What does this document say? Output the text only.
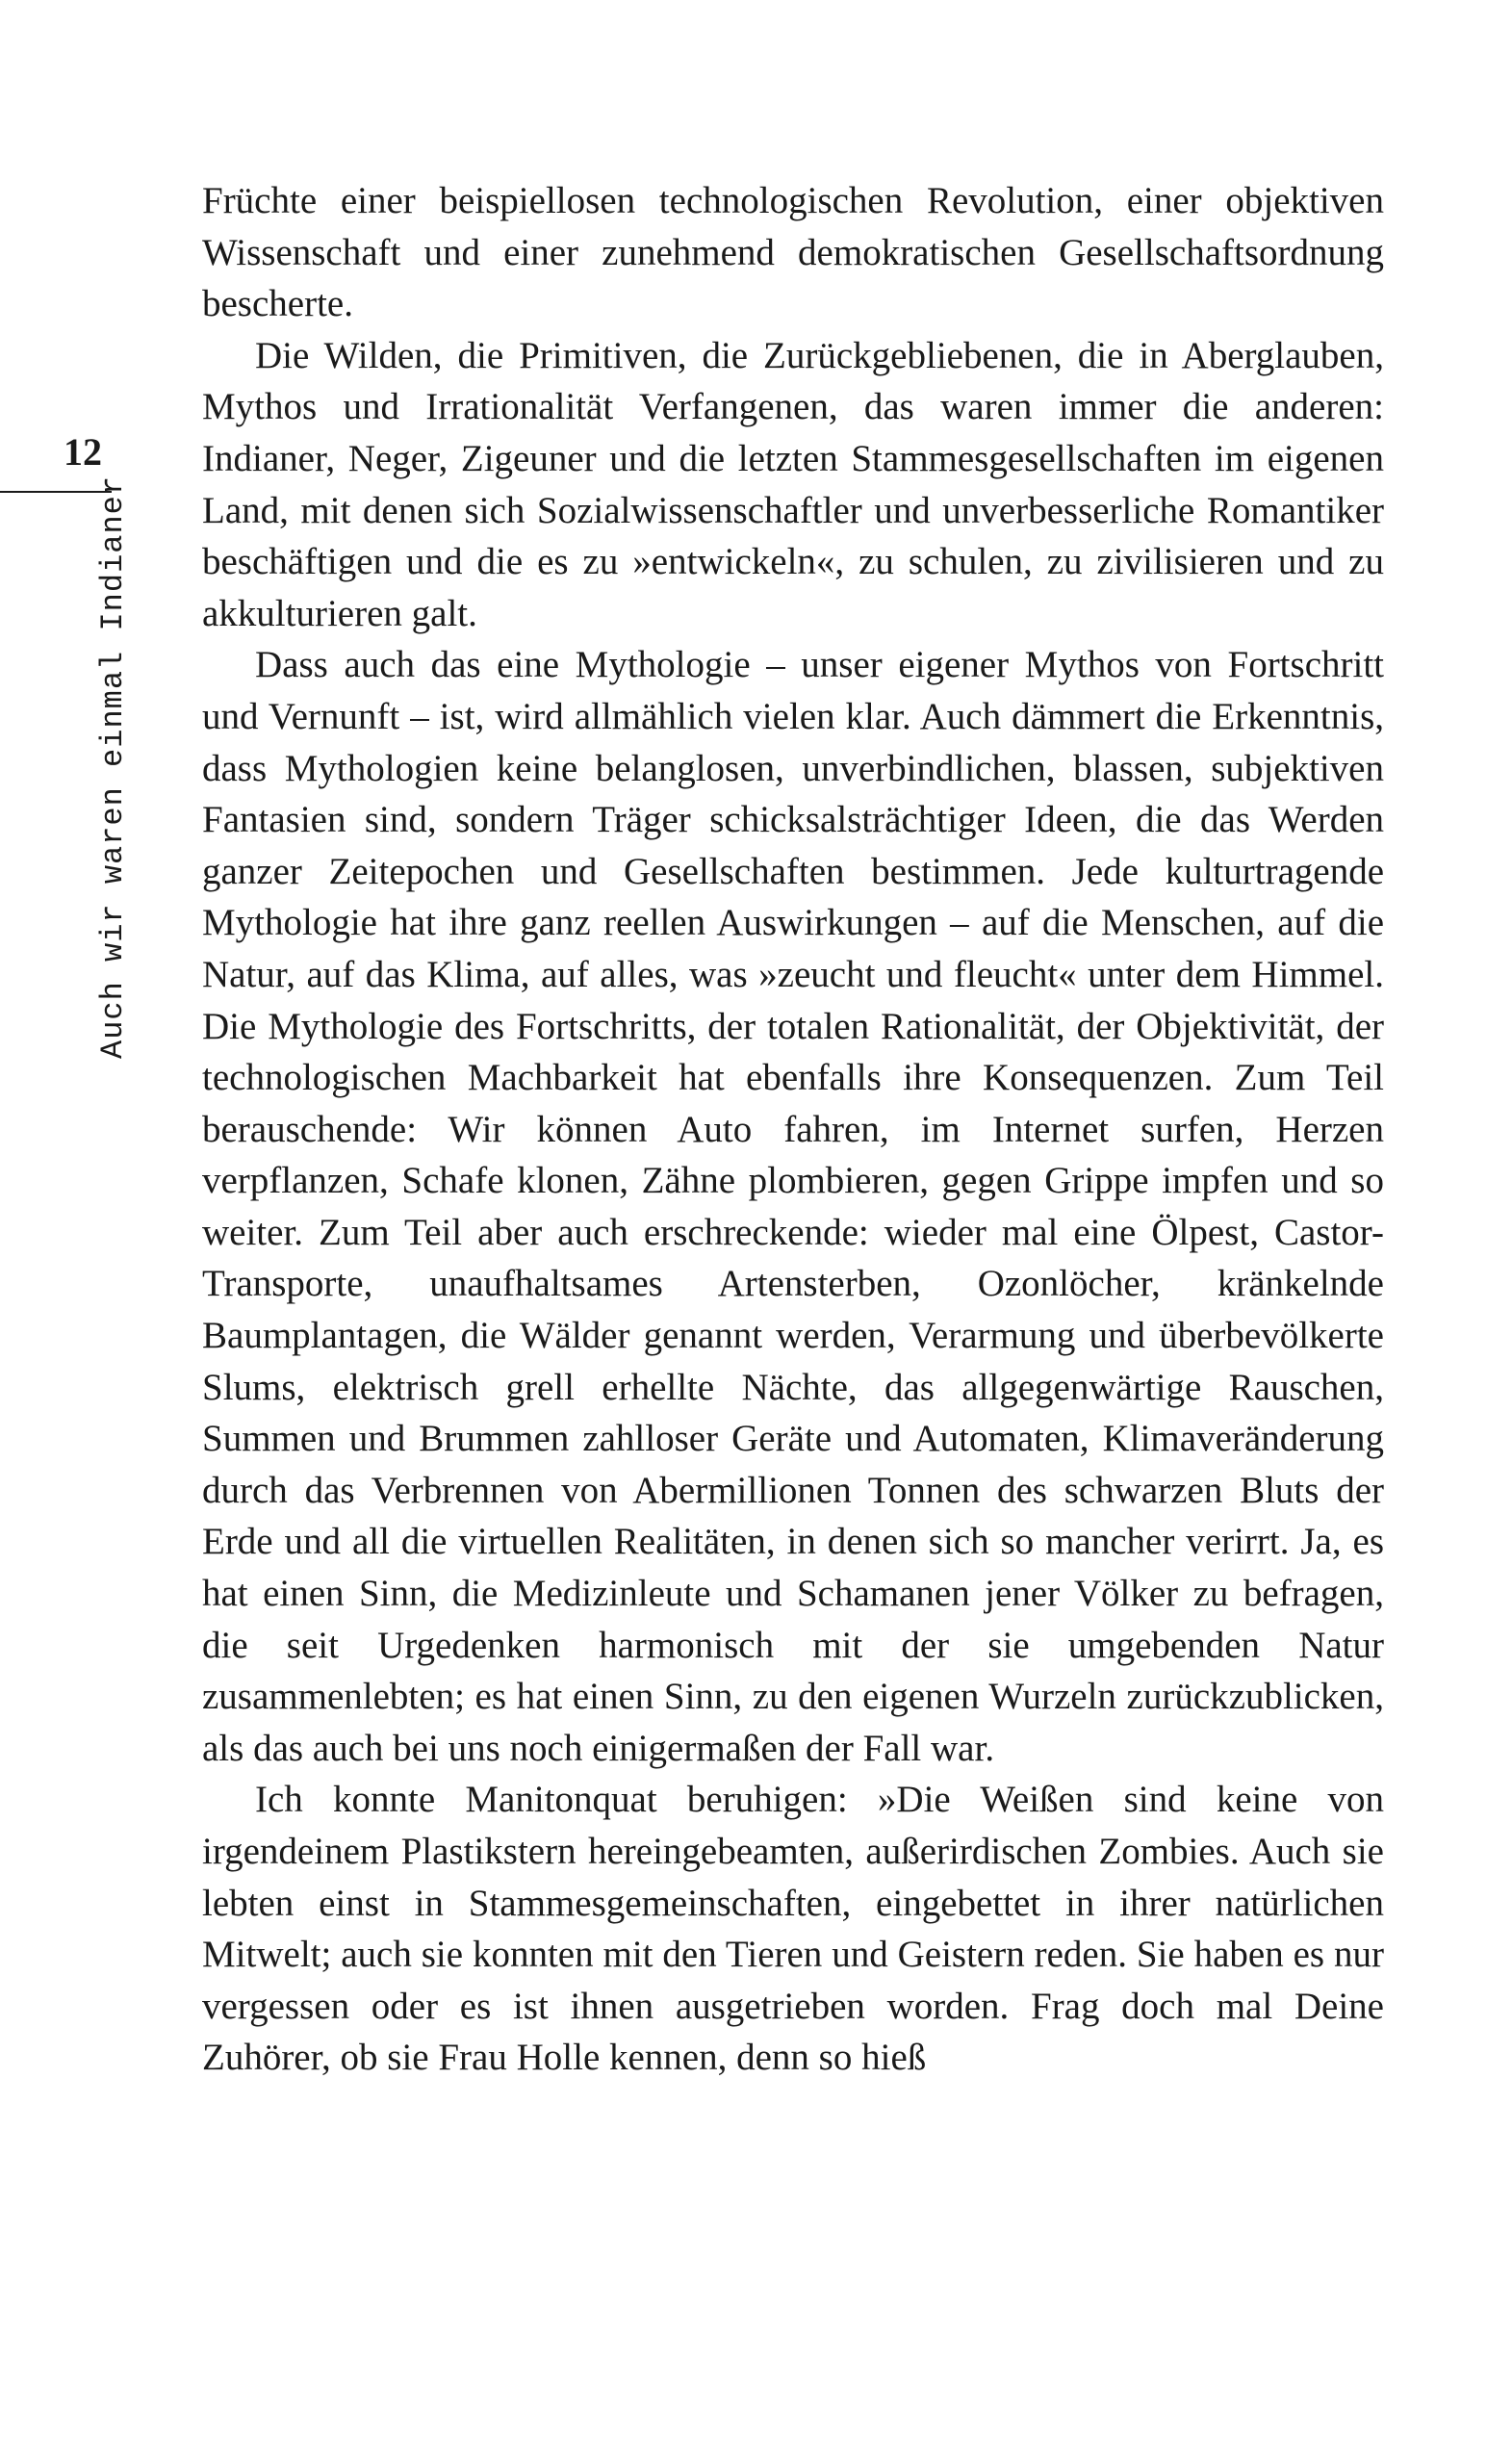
12
Auch wir waren einmal Indianer

Früchte einer beispiellosen technologischen Revolution, einer objektiven Wissenschaft und einer zunehmend demokratischen Gesellschaftsordnung bescherte.

Die Wilden, die Primitiven, die Zurückgebliebenen, die in Aberglauben, Mythos und Irrationalität Verfangenen, das waren immer die anderen: Indianer, Neger, Zigeuner und die letzten Stammesgesellschaften im eigenen Land, mit denen sich Sozialwissenschaftler und unverbesserliche Romantiker beschäftigen und die es zu »entwickeln«, zu schulen, zu zivilisieren und zu akkulturieren galt.

Dass auch das eine Mythologie – unser eigener Mythos von Fortschritt und Vernunft – ist, wird allmählich vielen klar. Auch dämmert die Erkenntnis, dass Mythologien keine belanglosen, unverbindlichen, blassen, subjektiven Fantasien sind, sondern Träger schicksalsträchtiger Ideen, die das Werden ganzer Zeitepochen und Gesellschaften bestimmen. Jede kulturtragende Mythologie hat ihre ganz reellen Auswirkungen – auf die Menschen, auf die Natur, auf das Klima, auf alles, was »zeucht und fleucht« unter dem Himmel. Die Mythologie des Fortschritts, der totalen Rationalität, der Objektivität, der technologischen Machbarkeit hat ebenfalls ihre Konsequenzen. Zum Teil berauschende: Wir können Auto fahren, im Internet surfen, Herzen verpflanzen, Schafe klonen, Zähne plombieren, gegen Grippe impfen und so weiter. Zum Teil aber auch erschreckende: wieder mal eine Ölpest, Castor-Transporte, unaufhaltsames Artensterben, Ozonlöcher, kränkelnde Baumplantagen, die Wälder genannt werden, Verarmung und überbevölkerte Slums, elektrisch grell erhellte Nächte, das allgegenwärtige Rauschen, Summen und Brummen zahlloser Geräte und Automaten, Klimaveränderung durch das Verbrennen von Abermillionen Tonnen des schwarzen Bluts der Erde und all die virtuellen Realitäten, in denen sich so mancher verirrt. Ja, es hat einen Sinn, die Medizinleute und Schamanen jener Völker zu befragen, die seit Urgedenken harmonisch mit der sie umgebenden Natur zusammenlebten; es hat einen Sinn, zu den eigenen Wurzeln zurückzublicken, als das auch bei uns noch einigermaßen der Fall war.

Ich konnte Manitonquat beruhigen: »Die Weißen sind keine von irgendeinem Plastikstern hereingebeamten, außerirdischen Zombies. Auch sie lebten einst in Stammesgemeinschaften, eingebettet in ihrer natürlichen Mitwelt; auch sie konnten mit den Tieren und Geistern reden. Sie haben es nur vergessen oder es ist ihnen ausgetrieben worden. Frag doch mal Deine Zuhörer, ob sie Frau Holle kennen, denn so hieß
